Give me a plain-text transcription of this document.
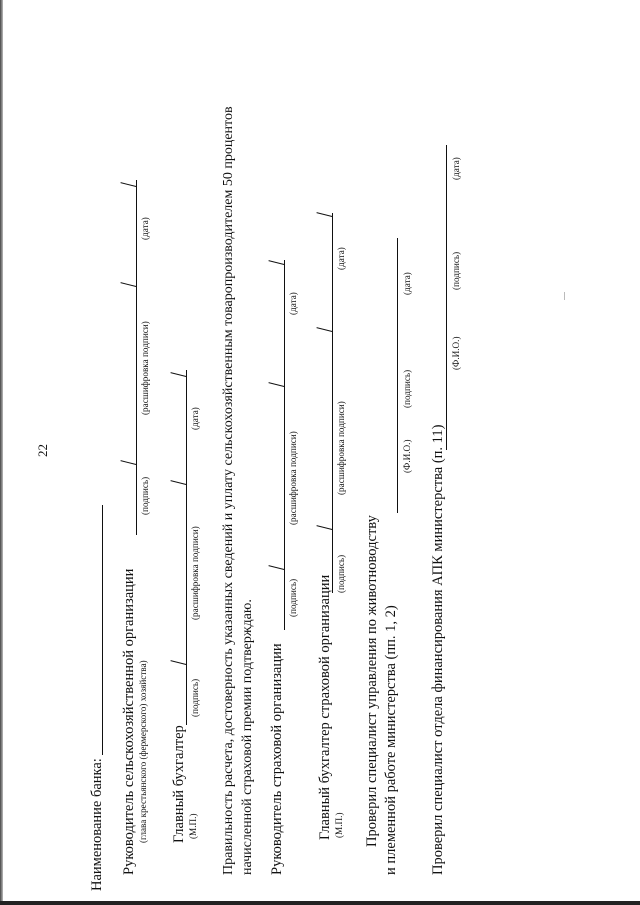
22
Наименование банка: Руководитель сельскохозяйственной организации (глава крестьянского (фермерского) хозяйства)
(подпись)
(расшифровка подписи)
(дата)
Главный бухгалтер (М.П.)
(подпись)
(расшифровка подписи)
(дата) Правильность расчета, достоверность указанных сведений и уплату сельскохозяйственным товаропроизводителем 50 процентов начисленной страховой премии подтверждаю. Руководитель страховой организации
(подпись)
(расшифровка подписи)
(дата)
Главный бухгалтер страховой организации (М.П.)
(подпись)
(расшифровка подписи)
(дата)
Проверил специалист управления по животноводству и племенной работе министерства (пп. 1, 2)
(Ф.И.О.)
(подпись)
(дата)
Проверил специалист отдела финансирования АПК министерства (п. 11)
(Ф.И.О.)
(подпись)
(дата)
